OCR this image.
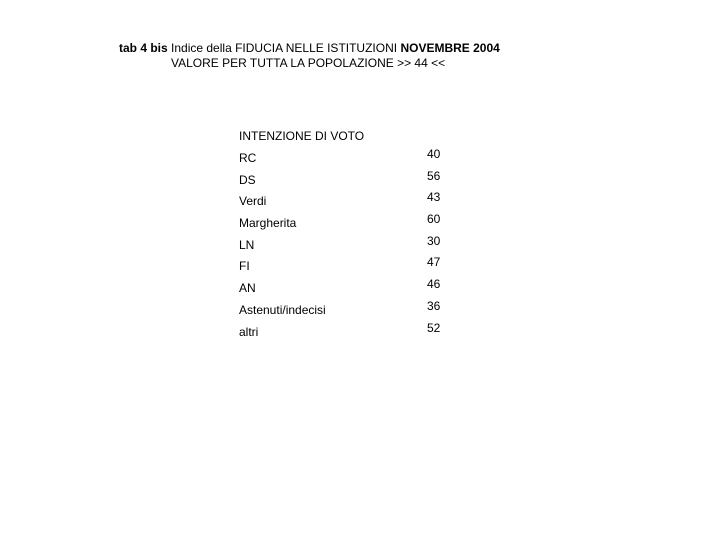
tab 4 bis Indice della FIDUCIA NELLE ISTITUZIONI NOVEMBRE 2004
VALORE PER TUTTA LA POPOLAZIONE >> 44 <<
INTENZIONE DI VOTO
RC	40
DS	56
Verdi	43
Margherita	60
LN	30
FI	47
AN	46
Astenuti/indecisi	36
altri	52
